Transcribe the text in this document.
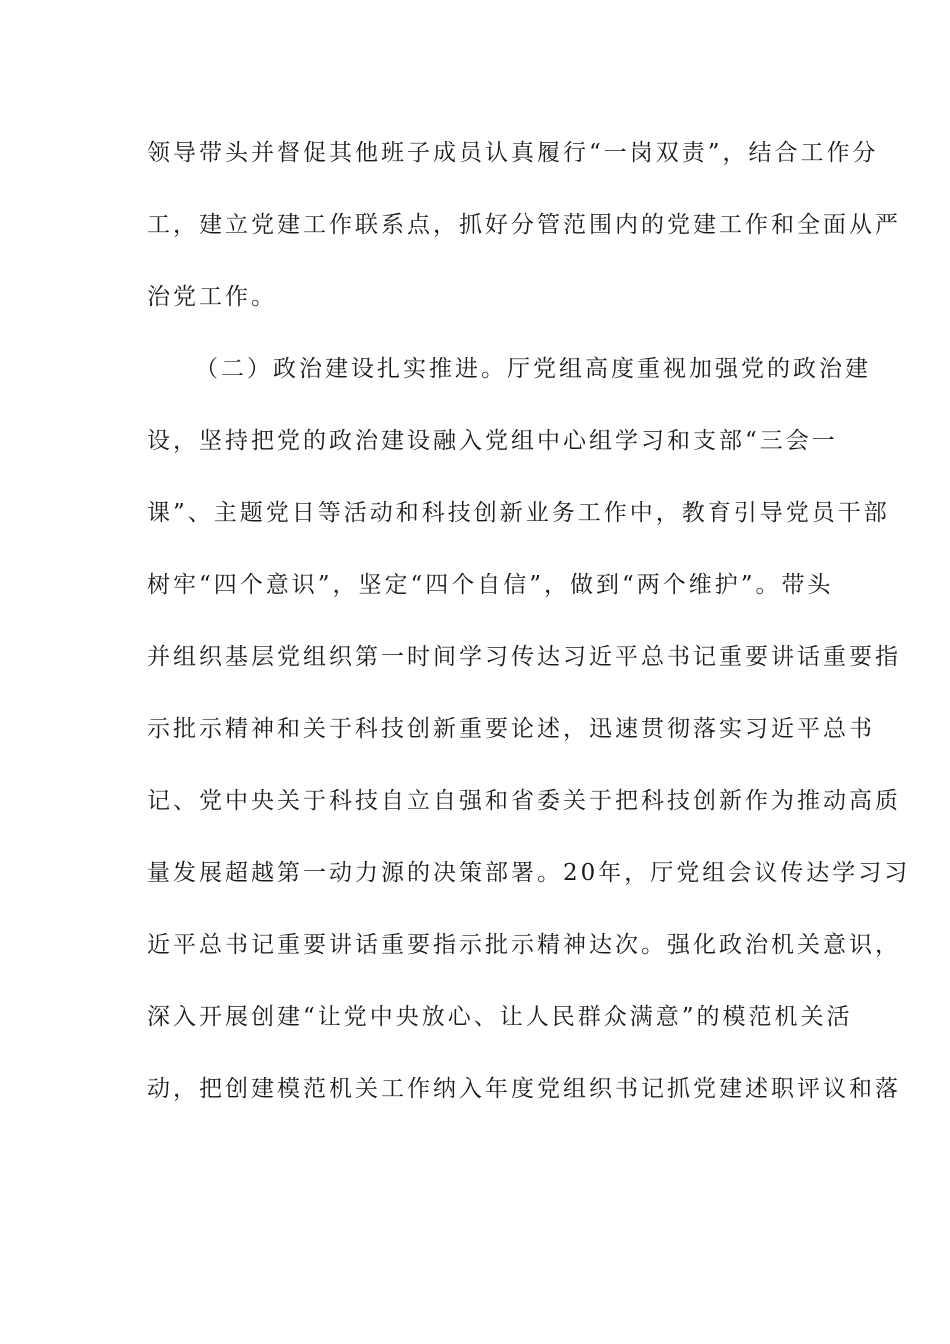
领导带头并督促其他班子成员认真履行“一岗双责”，结合工作分
工，建立党建工作联系点，抓好分管范围内的党建工作和全面从严
治党工作。
（二）政治建设扎实推进。厅党组高度重视加强党的政治建
设，坚持把党的政治建设融入党组中心组学习和支部“三会一
课”、主题党日等活动和科技创新业务工作中，教育引导党员干部
树牢“四个意识”，坚定“四个自信”，做到“两个维护”。带头
并组织基层党组织第一时间学习传达习近平总书记重要讲话重要指
示批示精神和关于科技创新重要论述，迅速贯彻落实习近平总书
记、党中央关于科技自立自强和省委关于把科技创新作为推动高质
量发展超越第一动力源的决策部署。20年，厅党组会议传达学习习
近平总书记重要讲话重要指示批示精神达次。强化政治机关意识，
深入开展创建“让党中央放心、让人民群众满意”的模范机关活
动，把创建模范机关工作纳入年度党组织书记抓党建述职评议和落
